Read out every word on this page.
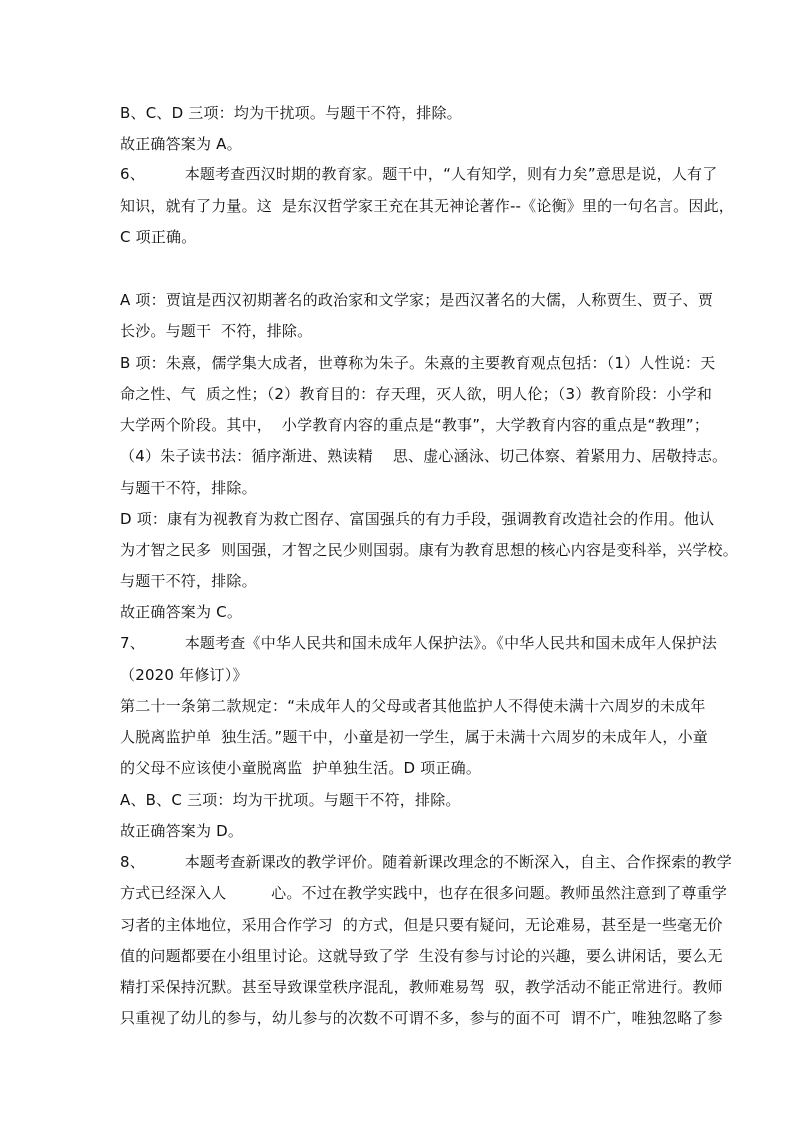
B、C、D 三项：均为干扰项。与题干不符，排除。

故正确答案为 A。

6、        本题考查西汉时期的教育家。题干中，“人有知学，则有力矣”意思是说，人有了

知识，就有了力量。这  是东汉哲学家王充在其无神论著作--《论衡》里的一句名言。因此，

C 项正确。

A 项：贾谊是西汉初期著名的政治家和文学家；是西汉著名的大儒，人称贾生、贾子、贾

长沙。与题干  不符，排除。

B 项：朱熹，儒学集大成者，世尊称为朱子。朱熹的主要教育观点包括：（1）人性说：天

命之性、气  质之性；（2）教育目的：存天理，灭人欲，明人伦；（3）教育阶段：小学和

大学两个阶段。其中，  小学教育内容的重点是“教事”，大学教育内容的重点是“教理”；

（4）朱子读书法：循序渐进、熟读精    思、虚心涵泳、切己体察、着紧用力、居敬持志。

与题干不符，排除。

D 项：康有为视教育为救亡图存、富国强兵的有力手段，强调教育改造社会的作用。他认

为才智之民多  则国强，才智之民少则国弱。康有为教育思想的核心内容是变科举，兴学校。

与题干不符，排除。

故正确答案为 C。

7、        本题考查《中华人民共和国未成年人保护法》。《中华人民共和国未成年人保护法

（2020 年修订）》

第二十一条第二款规定：“未成年人的父母或者其他监护人不得使未满十六周岁的未成年

人脱离监护单  独生活。”题干中，小童是初一学生，属于未满十六周岁的未成年人，小童

的父母不应该使小童脱离监  护单独生活。D 项正确。

A、B、C 三项：均为干扰项。与题干不符，排除。

故正确答案为 D。

8、        本题考查新课改的教学评价。随着新课改理念的不断深入，自主、合作探索的教学

方式已经深入人         心。不过在教学实践中，也存在很多问题。教师虽然注意到了尊重学

习者的主体地位，采用合作学习  的方式，但是只要有疑问，无论难易，甚至是一些毫无价

值的问题都要在小组里讨论。这就导致了学  生没有参与讨论的兴趣，要么讲闲话，要么无

精打采保持沉默。甚至导致课堂秩序混乱，教师难易驾  驭，教学活动不能正常进行。教师

只重视了幼儿的参与，幼儿参与的次数不可谓不多，参与的面不可  谓不广，唯独忽略了参
